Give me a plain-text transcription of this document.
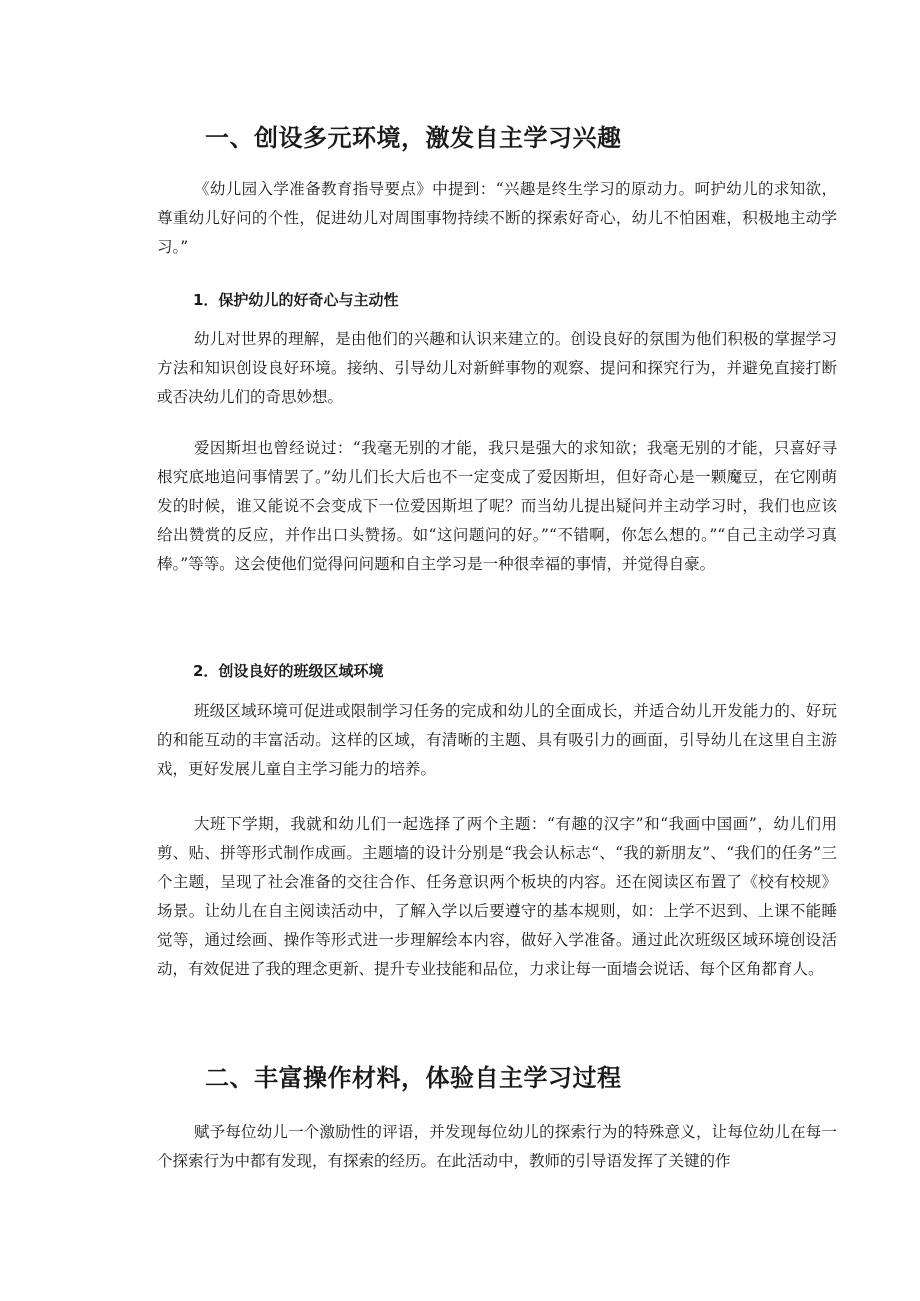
一、创设多元环境，激发自主学习兴趣

《幼儿园入学准备教育指导要点》中提到：“兴趣是终生学习的原动力。呵护幼儿的求知欲，尊重幼儿好问的个性，促进幼儿对周围事物持续不断的探索好奇心，幼儿不怕困难，积极地主动学习。”

1．保护幼儿的好奇心与主动性

幼儿对世界的理解，是由他们的兴趣和认识来建立的。创设良好的氛围为他们积极的掌握学习方法和知识创设良好环境。接纳、引导幼儿对新鲜事物的观察、提问和探究行为，并避免直接打断或否决幼儿们的奇思妙想。

爱因斯坦也曾经说过：“我毫无别的才能，我只是强大的求知欲；我毫无别的才能，只喜好寻根究底地追问事情罢了。”幼儿们长大后也不一定变成了爱因斯坦，但好奇心是一颗魔豆，在它刚萌发的时候，谁又能说不会变成下一位爱因斯坦了呢？而当幼儿提出疑问并主动学习时，我们也应该给出赞赏的反应，并作出口头赞扬。如“这问题问的好。”“不错啊，你怎么想的。”“自己主动学习真棒。”等等。这会使他们觉得问问题和自主学习是一种很幸福的事情，并觉得自豪。

2．创设良好的班级区域环境

班级区域环境可促进或限制学习任务的完成和幼儿的全面成长，并适合幼儿开发能力的、好玩的和能互动的丰富活动。这样的区域，有清晰的主题、具有吸引力的画面，引导幼儿在这里自主游戏，更好发展儿童自主学习能力的培养。

大班下学期，我就和幼儿们一起选择了两个主题：“有趣的汉字”和“我画中国画”，幼儿们用剪、贴、拼等形式制作成画。主题墙的设计分别是“我会认标志“、“我的新朋友”、“我们的任务”三个主题，呈现了社会准备的交往合作、任务意识两个板块的内容。还在阅读区布置了《校有校规》场景。让幼儿在自主阅读活动中，了解入学以后要遵守的基本规则，如：上学不迟到、上课不能睡觉等，通过绘画、操作等形式进一步理解绘本内容，做好入学准备。通过此次班级区域环境创设活动，有效促进了我的理念更新、提升专业技能和品位，力求让每一面墙会说话、每个区角都育人。

二、丰富操作材料，体验自主学习过程

赋予每位幼儿一个激励性的评语，并发现每位幼儿的探索行为的特殊意义，让每位幼儿在每一个探索行为中都有发现，有探索的经历。在此活动中，教师的引导语发挥了关键的作
